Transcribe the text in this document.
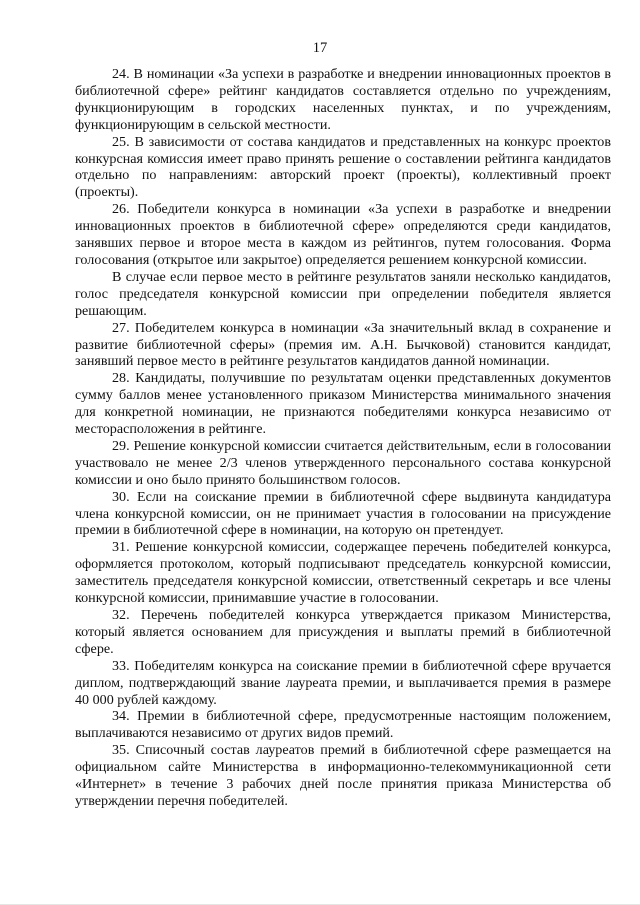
17

24. В номинации «За успехи в разработке и внедрении инновационных проектов в библиотечной сфере» рейтинг кандидатов составляется отдельно по учреждениям, функционирующим в городских населенных пунктах, и по учреждениям, функционирующим в сельской местности.

25. В зависимости от состава кандидатов и представленных на конкурс проектов конкурсная комиссия имеет право принять решение о составлении рейтинга кандидатов отдельно по направлениям: авторский проект (проекты), коллективный проект (проекты).

26. Победители конкурса в номинации «За успехи в разработке и внедрении инновационных проектов в библиотечной сфере» определяются среди кандидатов, занявших первое и второе места в каждом из рейтингов, путем голосования. Форма голосования (открытое или закрытое) определяется решением конкурсной комиссии.

В случае если первое место в рейтинге результатов заняли несколько кандидатов, голос председателя конкурсной комиссии при определении победителя является решающим.

27. Победителем конкурса в номинации «За значительный вклад в сохранение и развитие библиотечной сферы» (премия им. А.Н. Бычковой) становится кандидат, занявший первое место в рейтинге результатов кандидатов данной номинации.

28. Кандидаты, получившие по результатам оценки представленных документов сумму баллов менее установленного приказом Министерства минимального значения для конкретной номинации, не признаются победителями конкурса независимо от месторасположения в рейтинге.

29. Решение конкурсной комиссии считается действительным, если в голосовании участвовало не менее 2/3 членов утвержденного персонального состава конкурсной комиссии и оно было принято большинством голосов.

30. Если на соискание премии в библиотечной сфере выдвинута кандидатура члена конкурсной комиссии, он не принимает участия в голосовании на присуждение премии в библиотечной сфере в номинации, на которую он претендует.

31. Решение конкурсной комиссии, содержащее перечень победителей конкурса, оформляется протоколом, который подписывают председатель конкурсной комиссии, заместитель председателя конкурсной комиссии, ответственный секретарь и все члены конкурсной комиссии, принимавшие участие в голосовании.

32. Перечень победителей конкурса утверждается приказом Министерства, который является основанием для присуждения и выплаты премий в библиотечной сфере.

33. Победителям конкурса на соискание премии в библиотечной сфере вручается диплом, подтверждающий звание лауреата премии, и выплачивается премия в размере 40 000 рублей каждому.

34. Премии в библиотечной сфере, предусмотренные настоящим положением, выплачиваются независимо от других видов премий.

35. Списочный состав лауреатов премий в библиотечной сфере размещается на официальном сайте Министерства в информационно-телекоммуникационной сети «Интернет» в течение 3 рабочих дней после принятия приказа Министерства об утверждении перечня победителей.
